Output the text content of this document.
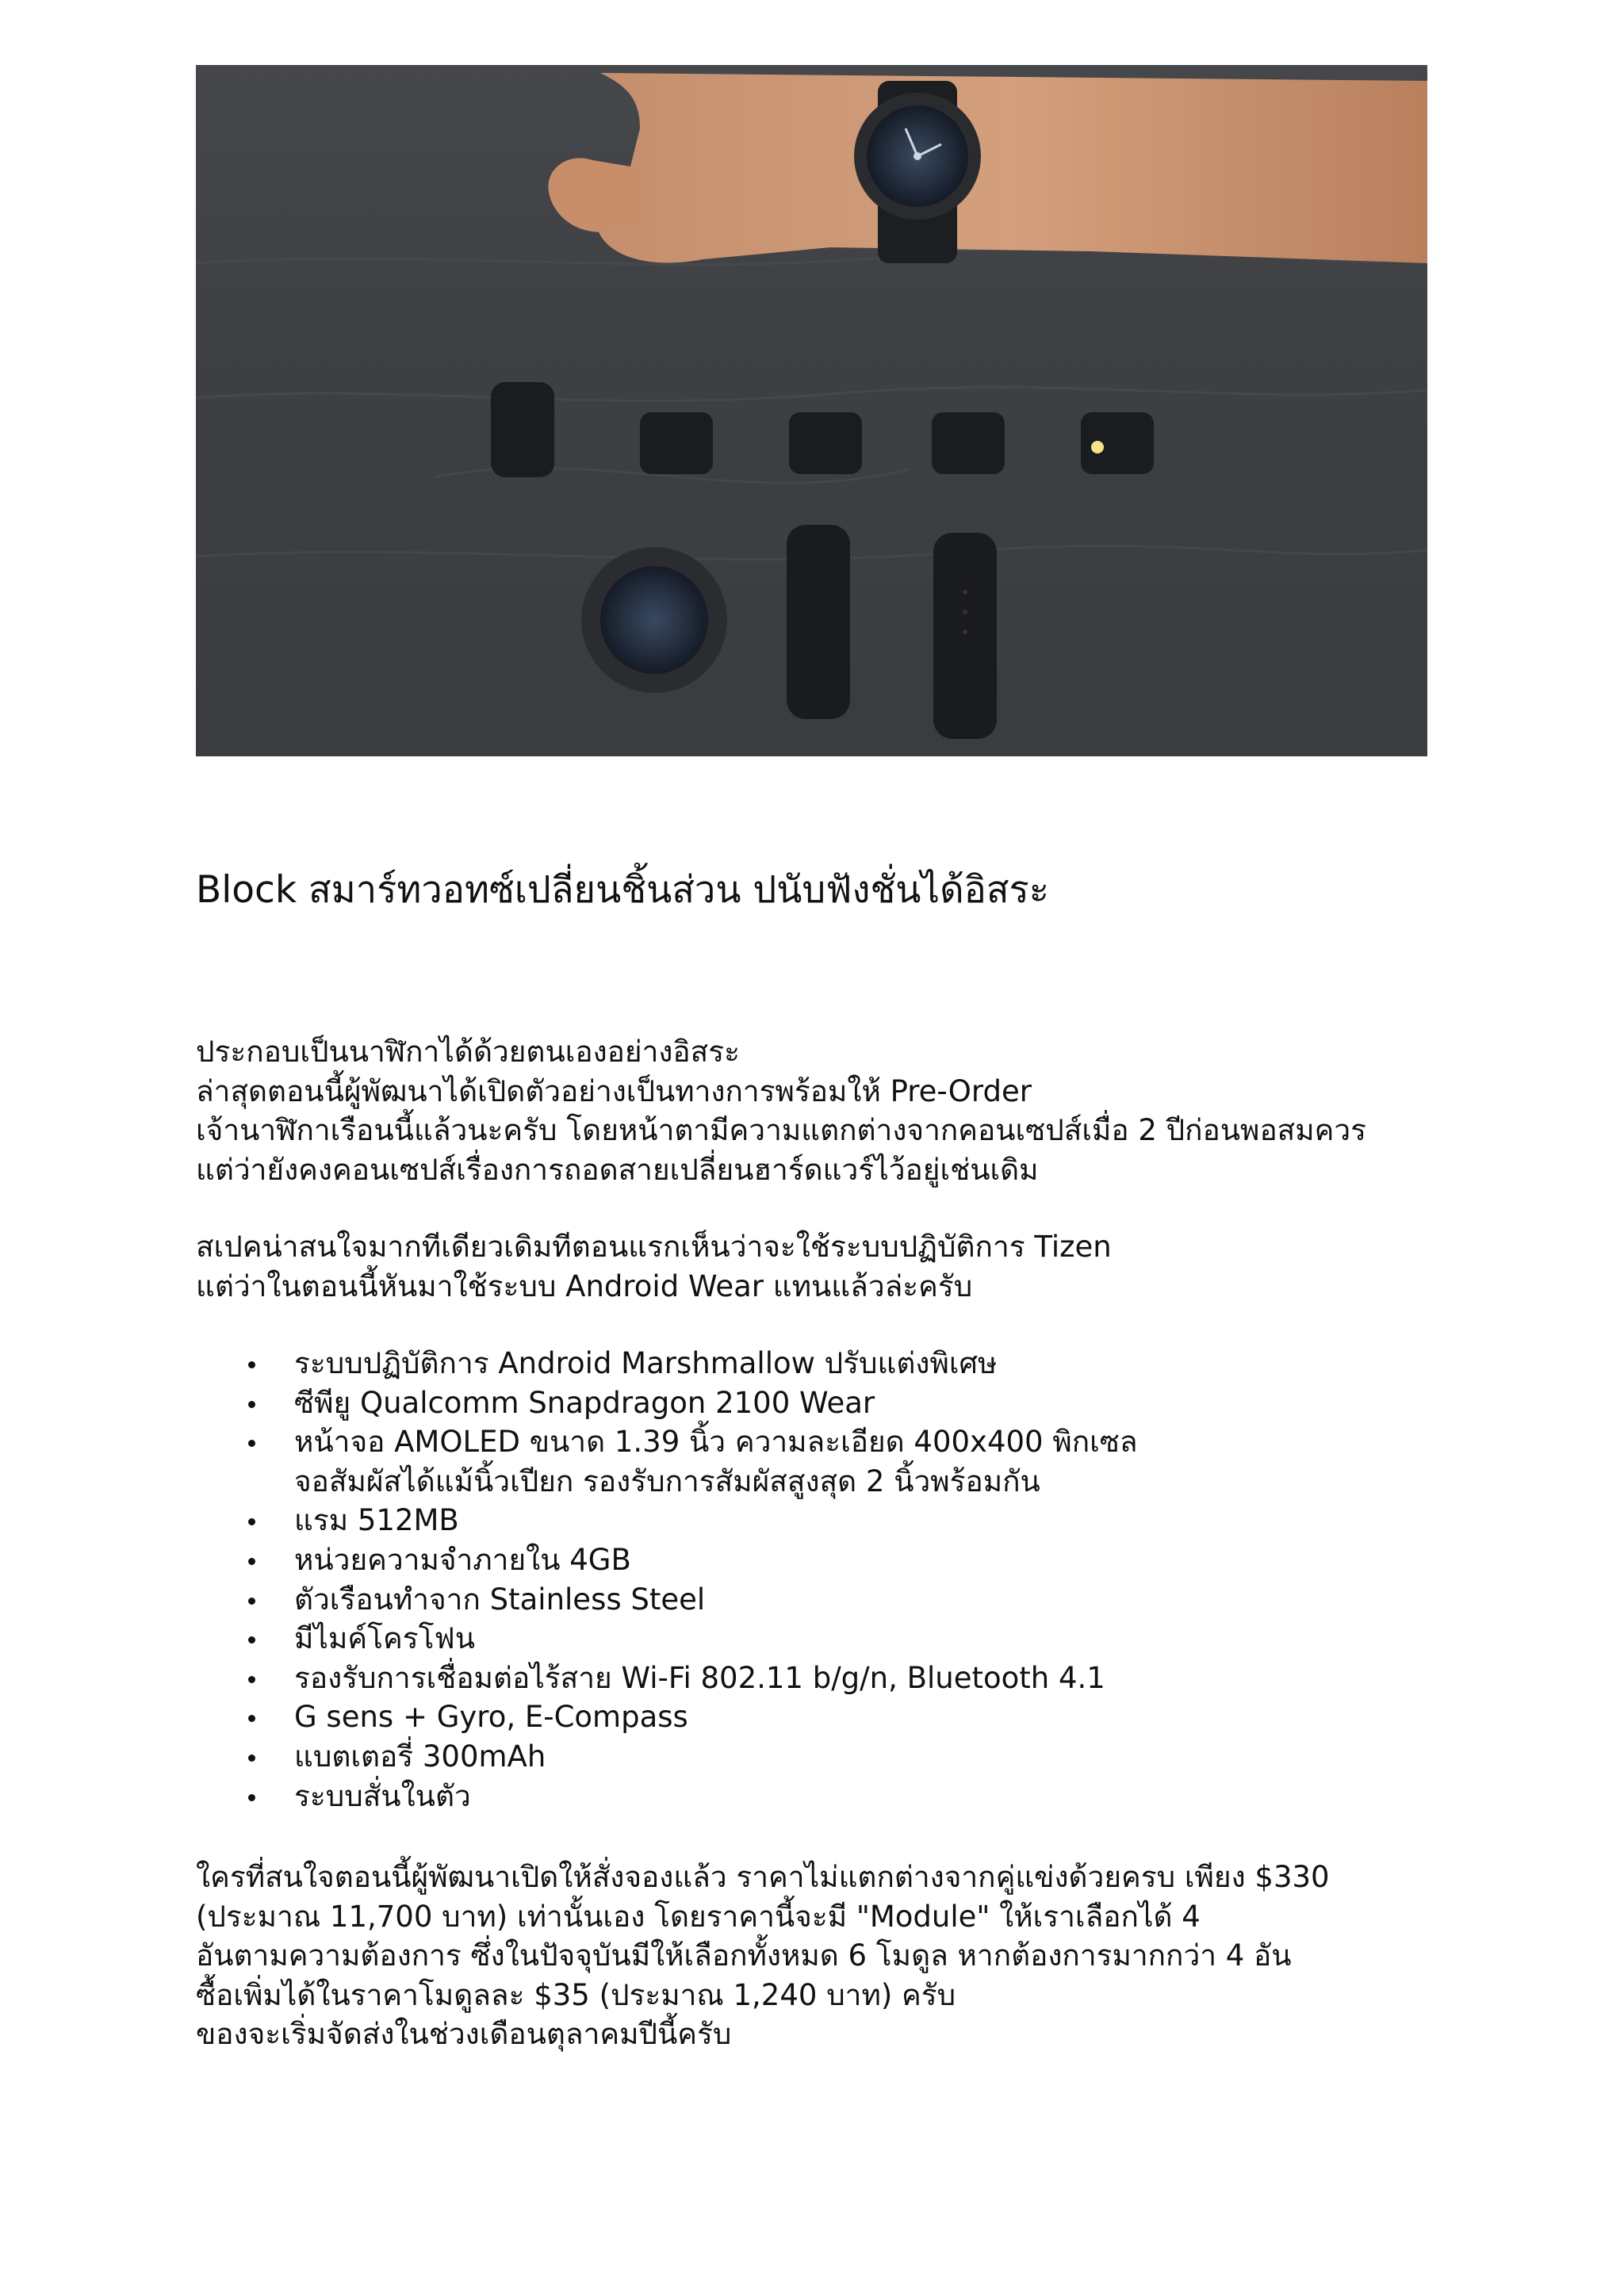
Block สมาร์ทวอทซ์เปลี่ยนชิ้นส่วน ปนับฟังชั่นได้อิสระ

ประกอบเป็นนาฬิกาได้ด้วยตนเองอย่างอิสระ

ล่าสุดตอนนี้ผู้พัฒนาได้เปิดตัวอย่างเป็นทางการพร้อมให้ Pre-Order

เจ้านาฬิกาเรือนนี้แล้วนะครับ โดยหน้าตามีความแตกต่างจากคอนเซปส์เมื่อ 2 ปีก่อนพอสมควร

แต่ว่ายังคงคอนเซปส์เรื่องการถอดสายเปลี่ยนฮาร์ดแวร์ไว้อยู่เช่นเดิม

สเปคน่าสนใจมากทีเดียวเดิมทีตอนแรกเห็นว่าจะใช้ระบบปฏิบัติการ Tizen

แต่ว่าในตอนนี้หันมาใช้ระบบ Android Wear แทนแล้วล่ะครับ

ระบบปฏิบัติการ Android Marshmallow ปรับแต่งพิเศษ
ซีพียู Qualcomm Snapdragon 2100 Wear
หน้าจอ AMOLED ขนาด 1.39 นิ้ว ความละเอียด 400x400 พิกเซล
จอสัมผัสได้แม้นิ้วเปียก รองรับการสัมผัสสูงสุด 2 นิ้วพร้อมกัน
แรม 512MB
หน่วยความจำภายใน 4GB
ตัวเรือนทำจาก Stainless Steel
มีไมค์โครโฟน
รองรับการเชื่อมต่อไร้สาย Wi-Fi 802.11 b/g/n, Bluetooth 4.1
G sens + Gyro, E-Compass
แบตเตอรี่ 300mAh
ระบบสั่นในตัว

ใครที่สนใจตอนนี้ผู้พัฒนาเปิดให้สั่งจองแล้ว ราคาไม่แตกต่างจากคู่แข่งด้วยครบ เพียง $330

(ประมาณ 11,700 บาท) เท่านั้นเอง โดยราคานี้จะมี "Module" ให้เราเลือกได้ 4

อันตามความต้องการ ซึ่งในปัจจุบันมีให้เลือกทั้งหมด 6 โมดูล หากต้องการมากกว่า 4 อัน

ซื้อเพิ่มได้ในราคาโมดูลละ $35 (ประมาณ 1,240 บาท) ครับ

ของจะเริ่มจัดส่งในช่วงเดือนตุลาคมปีนี้ครับ
